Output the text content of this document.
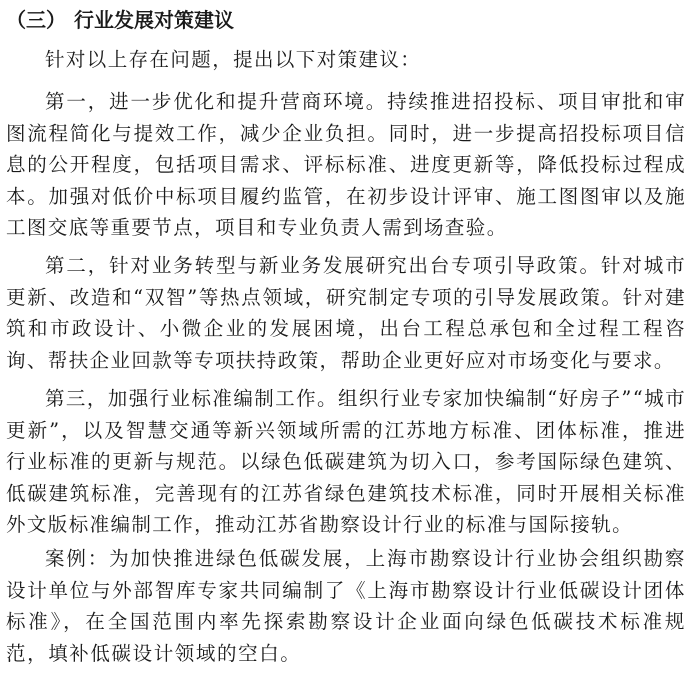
（三） 行业发展对策建议
针对以上存在问题，提出以下对策建议：
第一，进一步优化和提升营商环境。持续推进招投标、项目审批和审图流程简化与提效工作，减少企业负担。同时，进一步提高招投标项目信息的公开程度，包括项目需求、评标标准、进度更新等，降低投标过程成本。加强对低价中标项目履约监管，在初步设计评审、施工图图审以及施工图交底等重要节点，项目和专业负责人需到场查验。
第二，针对业务转型与新业务发展研究出台专项引导政策。针对城市更新、改造和“双智”等热点领域，研究制定专项的引导发展政策。针对建筑和市政设计、小微企业的发展困境，出台工程总承包和全过程工程咨询、帮扶企业回款等专项扶持政策，帮助企业更好应对市场变化与要求。
第三，加强行业标准编制工作。组织行业专家加快编制“好房子”“城市更新”，以及智慧交通等新兴领域所需的江苏地方标准、团体标准，推进行业标准的更新与规范。以绿色低碳建筑为切入口，参考国际绿色建筑、低碳建筑标准，完善现有的江苏省绿色建筑技术标准，同时开展相关标准外文版标准编制工作，推动江苏省勘察设计行业的标准与国际接轨。
案例：为加快推进绿色低碳发展，上海市勘察设计行业协会组织勘察设计单位与外部智库专家共同编制了《上海市勘察设计行业低碳设计团体标准》，在全国范围内率先探索勘察设计企业面向绿色低碳技术标准规范，填补低碳设计领域的空白。
